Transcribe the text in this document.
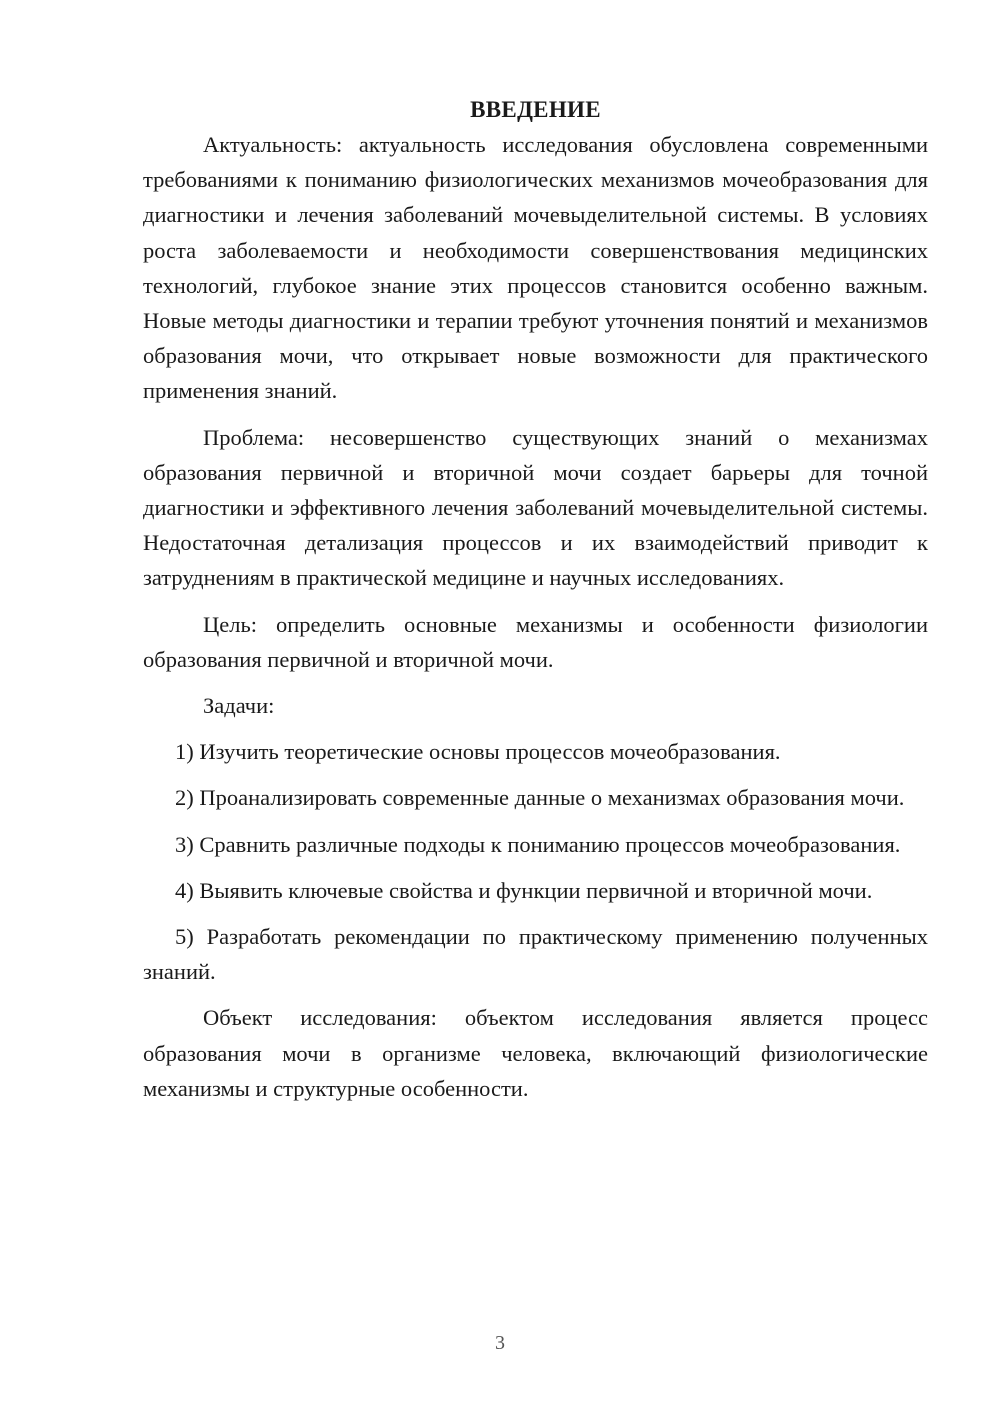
ВВЕДЕНИЕ

Актуальность: актуальность исследования обусловлена современными требованиями к пониманию физиологических механизмов мочеобразования для диагностики и лечения заболеваний мочевыделительной системы. В условиях роста заболеваемости и необходимости совершенствования медицинских технологий, глубокое знание этих процессов становится особенно важным. Новые методы диагностики и терапии требуют уточнения понятий и механизмов образования мочи, что открывает новые возможности для практического применения знаний.

Проблема: несовершенство существующих знаний о механизмах образования первичной и вторичной мочи создает барьеры для точной диагностики и эффективного лечения заболеваний мочевыделительной системы. Недостаточная детализация процессов и их взаимодействий приводит к затруднениям в практической медицине и научных исследованиях.

Цель: определить основные механизмы и особенности физиологии образования первичной и вторичной мочи.

Задачи:

1) Изучить теоретические основы процессов мочеобразования.

2) Проанализировать современные данные о механизмах образования мочи.

3) Сравнить различные подходы к пониманию процессов мочеобразования.

4) Выявить ключевые свойства и функции первичной и вторичной мочи.

5) Разработать рекомендации по практическому применению полученных знаний.

Объект исследования: объектом исследования является процесс образования мочи в организме человека, включающий физиологические механизмы и структурные особенности.

3
